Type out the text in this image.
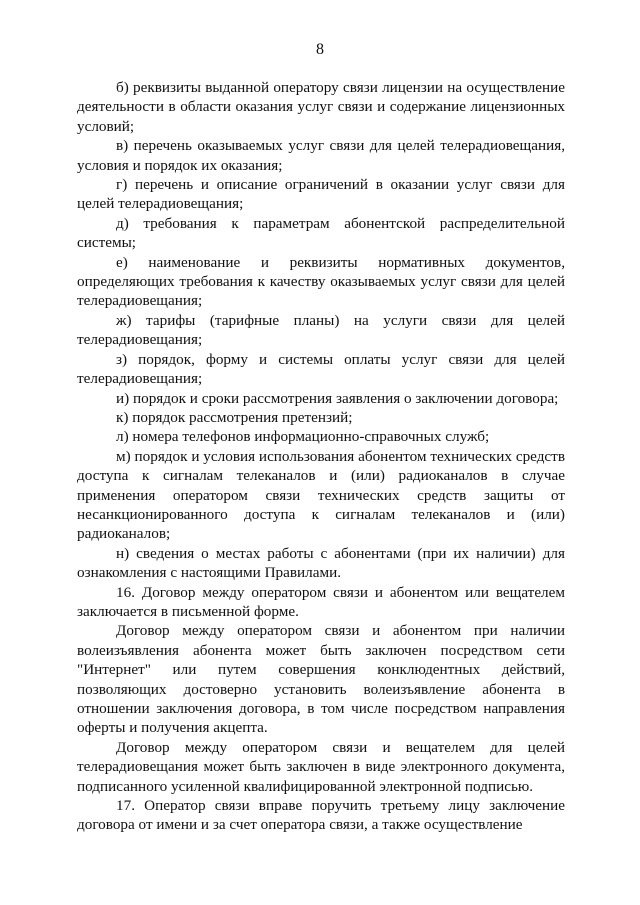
8

б) реквизиты выданной оператору связи лицензии на осуществление деятельности в области оказания услуг связи и содержание лицензионных условий;

в) перечень оказываемых услуг связи для целей телерадиовещания, условия и порядок их оказания;

г) перечень и описание ограничений в оказании услуг связи для целей телерадиовещания;

д) требования к параметрам абонентской распределительной системы;

е) наименование и реквизиты нормативных документов, определяющих требования к качеству оказываемых услуг связи для целей телерадиовещания;

ж) тарифы (тарифные планы) на услуги связи для целей телерадиовещания;

з) порядок, форму и системы оплаты услуг связи для целей телерадиовещания;

и) порядок и сроки рассмотрения заявления о заключении договора;

к) порядок рассмотрения претензий;

л) номера телефонов информационно-справочных служб;

м) порядок и условия использования абонентом технических средств доступа к сигналам телеканалов и (или) радиоканалов в случае применения оператором связи технических средств защиты от несанкционированного доступа к сигналам телеканалов и (или) радиоканалов;

н) сведения о местах работы с абонентами (при их наличии) для ознакомления с настоящими Правилами.

16. Договор между оператором связи и абонентом или вещателем заключается в письменной форме.

Договор между оператором связи и абонентом при наличии волеизъявления абонента может быть заключен посредством сети "Интернет" или путем совершения конклюдентных действий, позволяющих достоверно установить волеизъявление абонента в отношении заключения договора, в том числе посредством направления оферты и получения акцепта.

Договор между оператором связи и вещателем для целей телерадиовещания может быть заключен в виде электронного документа, подписанного усиленной квалифицированной электронной подписью.

17. Оператор связи вправе поручить третьему лицу заключение договора от имени и за счет оператора связи, а также осуществление
